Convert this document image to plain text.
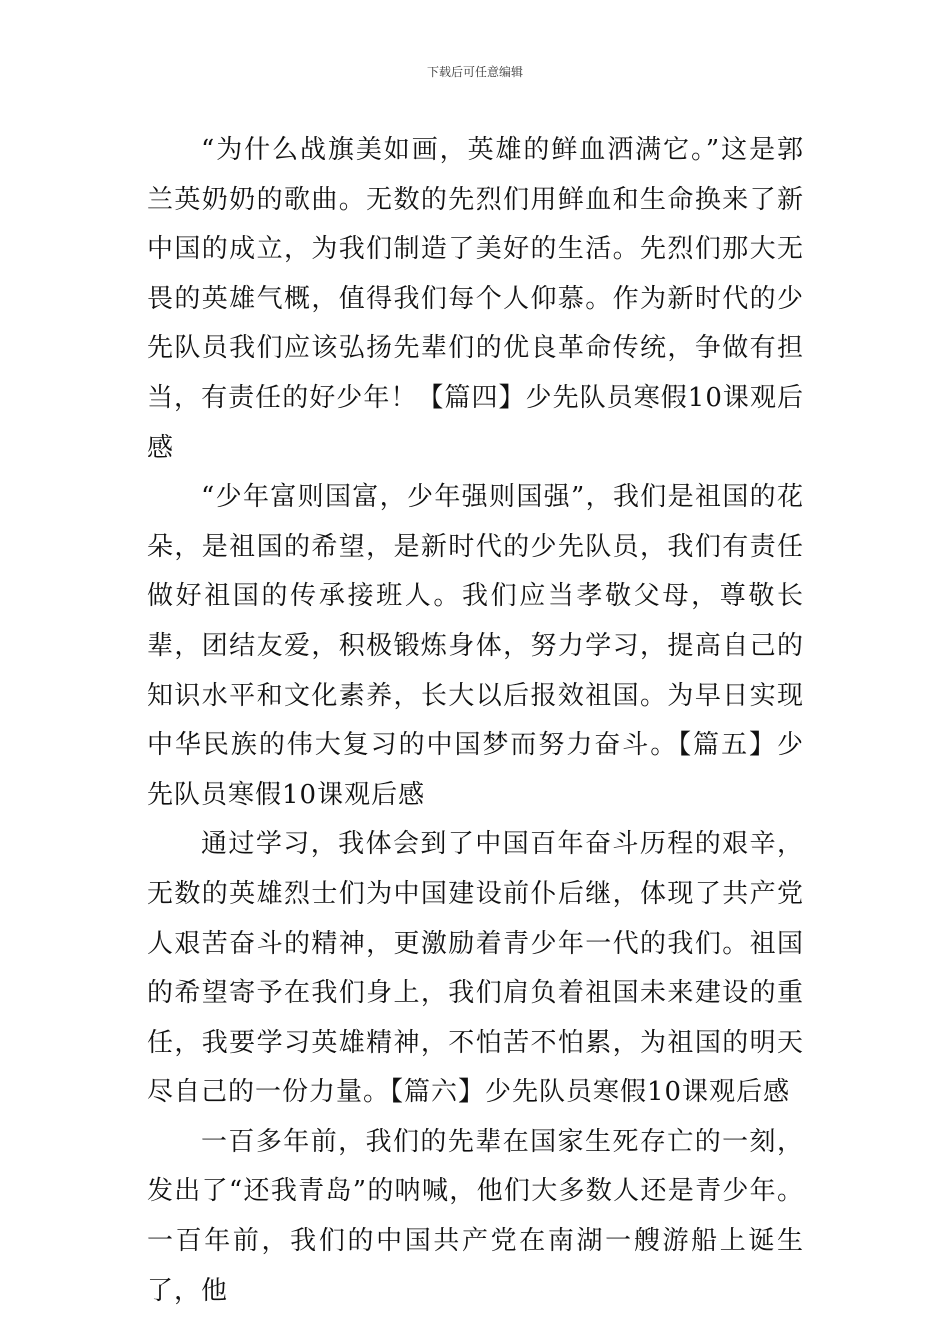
下载后可任意编辑

“为什么战旗美如画，英雄的鲜血洒满它。”这是郭兰英奶奶的歌曲。无数的先烈们用鲜血和生命换来了新中国的成立，为我们制造了美好的生活。先烈们那大无畏的英雄气概，值得我们每个人仰慕。作为新时代的少先队员我们应该弘扬先辈们的优良革命传统，争做有担当，有责任的好少年！【篇四】少先队员寒假10课观后感

“少年富则国富，少年强则国强”，我们是祖国的花朵，是祖国的希望，是新时代的少先队员，我们有责任做好祖国的传承接班人。我们应当孝敬父母，尊敬长辈，团结友爱，积极锻炼身体，努力学习，提高自己的知识水平和文化素养，长大以后报效祖国。为早日实现中华民族的伟大复习的中国梦而努力奋斗。【篇五】少先队员寒假10课观后感

通过学习，我体会到了中国百年奋斗历程的艰辛，无数的英雄烈士们为中国建设前仆后继，体现了共产党人艰苦奋斗的精神，更激励着青少年一代的我们。祖国的希望寄予在我们身上，我们肩负着祖国未来建设的重任，我要学习英雄精神，不怕苦不怕累，为祖国的明天尽自己的一份力量。【篇六】少先队员寒假10课观后感

一百多年前，我们的先辈在国家生死存亡的一刻，发出了“还我青岛”的呐喊，他们大多数人还是青少年。一百年前，我们的中国共产党在南湖一艘游船上诞生了，他
